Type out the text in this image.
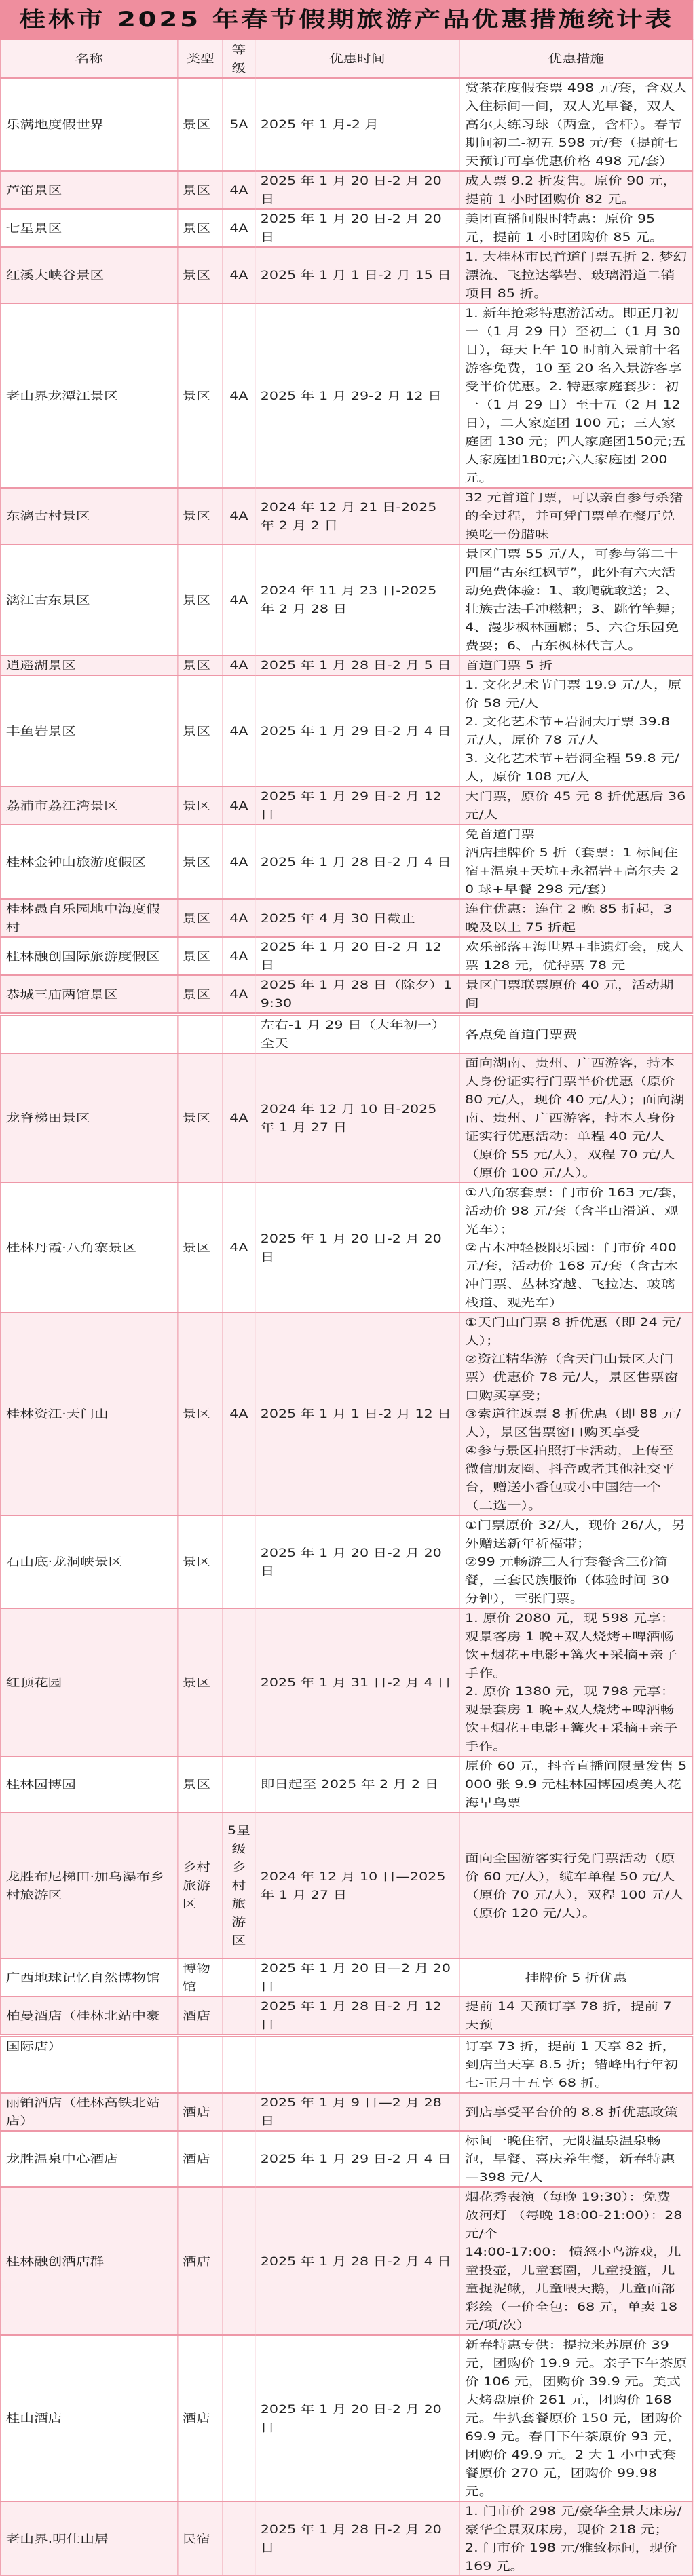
桂林市 2025 年春节假期旅游产品优惠措施统计表				
名称	类型	等级	优惠时间	优惠措施
乐满地度假世界	景区	5A	2025 年 1 月-2 月	赏茶花度假套票 498 元/套，含双人入住标间一间，双人光早餐，双人高尔夫练习球（两盒，含杆）。春节期间初二-初五 598 元/套（提前七天预订可享优惠价格 498 元/套）
芦笛景区	景区	4A	2025 年 1 月 20 日-2 月 20 日	成人票 9.2 折发售。原价 90 元，提前 1 小时团购价 82 元。
七星景区	景区	4A	2025 年 1 月 20 日-2 月 20 日	美团直播间限时特惠：原价 95 元，提前 1 小时团购价 85 元。
红溪大峡谷景区	景区	4A	2025 年 1 月 1 日-2 月 15 日	1. 大桂林市民首道门票五折 2. 梦幻漂流、飞拉达攀岩、玻璃滑道二销项目 85 折。
老山界龙潭江景区	景区	4A	2025 年 1 月 29-2 月 12 日	1. 新年抢彩特惠游活动。即正月初一（1 月 29 日）至初二（1 月 30 日），每天上午 10 时前入景前十名游客免费，10 至 20 名入景游客享受半价优惠。2. 特惠家庭套步：初一（1 月 29 日）至十五（2 月 12 日），二人家庭团 100 元；三人家庭团 130 元；四人家庭团150元;五人家庭团180元;六人家庭团 200 元。
东漓古村景区	景区	4A	2024 年 12 月 21 日-2025 年 2 月 2 日	32 元首道门票，可以亲自参与杀猪的全过程，并可凭门票单在餐厅兑换吃一份腊味
漓江古东景区	景区	4A	2024 年 11 月 23 日-2025 年 2 月 28 日	景区门票 55 元/人，可参与第二十四届“古东红枫节”，此外有六大活动免费体验：1、敢爬就敢送；2、壮族古法手冲糍粑；3、跳竹竿舞；4、漫步枫林画廊；5、六合乐园免费耍；6、古东枫林代言人。
逍遥湖景区	景区	4A	2025 年 1 月 28 日-2 月 5 日	首道门票 5 折
丰鱼岩景区	景区	4A	2025 年 1 月 29 日-2 月 4 日	1. 文化艺术节门票 19.9 元/人，原价 58 元/人
2. 文化艺术节+岩洞大厅票 39.8 元/人，原价 78 元/人
3. 文化艺术节+岩洞全程 59.8 元/人，原价 108 元/人
荔浦市荔江湾景区	景区	4A	2025 年 1 月 29 日-2 月 12 日	大门票，原价 45 元 8 折优惠后 36 元/人
桂林金钟山旅游度假区	景区	4A	2025 年 1 月 28 日-2 月 4 日	免首道门票
酒店挂牌价 5 折（套票：1 标间住宿+温泉+天坑+永福岩+高尔夫 20 球+早餐 298 元/套）
桂林愚自乐园地中海度假村	景区	4A	2025 年 4 月 30 日截止	连住优惠：连住 2 晚 85 折起，3 晚及以上 75 折起
桂林融创国际旅游度假区	景区	4A	2025 年 1 月 20 日-2 月 12 日	欢乐部落+海世界+非遗灯会，成人票 128 元，优待票 78 元
恭城三庙两馆景区	景区	4A	2025 年 1 月 28 日（除夕）19:30	景区门票联票原价 40 元，活动期间
			左右-1 月 29 日（大年初一）全天	各点免首道门票费
龙脊梯田景区	景区	4A	2024 年 12 月 10 日-2025 年 1 月 27 日	面向湖南、贵州、广西游客，持本人身份证实行门票半价优惠（原价 80 元/人，现价 40 元/人）；面向湖南、贵州、广西游客，持本人身份证实行优惠活动：单程 40 元/人（原价 55 元/人），双程 70 元/人（原价 100 元/人）。
桂林丹霞·八角寨景区	景区	4A	2025 年 1 月 20 日-2 月 20 日	①八角寨套票：门市价 163 元/套，活动价 98 元/套（含半山滑道、观光车）；
②古木冲轻极限乐园：门市价 400 元/套，活动价 168 元/套（含古木冲门票、丛林穿越、飞拉达、玻璃栈道、观光车）
桂林资江·天门山	景区	4A	2025 年 1 月 1 日-2 月 12 日	①天门山门票 8 折优惠（即 24 元/人）；
②资江精华游（含天门山景区大门票）优惠价 78 元/人，景区售票窗口购买享受；
③索道往返票 8 折优惠（即 88 元/人），景区售票窗口购买享受
④参与景区拍照打卡活动，上传至微信朋友圈、抖音或者其他社交平台，赠送小香包或小中国结一个（二选一）。
石山底·龙洞峡景区	景区		2025 年 1 月 20 日-2 月 20 日	①门票原价 32/人，现价 26/人，另外赠送新年祈福带；
②99 元畅游三人行套餐含三份简餐，三套民族服饰（体验时间 30 分钟），三张门票。
红顶花园	景区		2025 年 1 月 31 日-2 月 4 日	1. 原价 2080 元，现 598 元享：观景客房 1 晚+双人烧烤+啤酒畅饮+烟花+电影+篝火+采摘+亲子手作。
2. 原价 1380 元，现 798 元享：观景套房 1 晚+双人烧烤+啤酒畅饮+烟花+电影+篝火+采摘+亲子手作。
桂林园博园	景区		即日起至 2025 年 2 月 2 日	原价 60 元，抖音直播间限量发售 5000 张 9.9 元桂林园博园虞美人花海早鸟票
龙胜布尼梯田·加乌瀑布乡村旅游区	乡村旅游区	5星级乡村旅游区	2024 年 12 月 10 日—2025 年 1 月 27 日	面向全国游客实行免门票活动（原价 60 元/人），缆车单程 50 元/人（原价 70 元/人），双程 100 元/人（原价 120 元/人）。
广西地球记忆自然博物馆	博物馆		2025 年 1 月 20 日—2 月 20 日	挂牌价 5 折优惠
柏曼酒店（桂林北站中豪	酒店		2025 年 1 月 28 日-2 月 12 日	提前 14 天预订享 78 折，提前 7 天预
国际店）				订享 73 折，提前 1 天享 82 折，到店当天享 8.5 折；错峰出行年初七-正月十五享 68 折。
丽铂酒店（桂林高铁北站店）	酒店		2025 年 1 月 9 日—2 月 28 日	到店享受平台价的 8.8 折优惠政策
龙胜温泉中心酒店	酒店		2025 年 1 月 29 日-2 月 4 日	标间一晚住宿，无限温泉温泉畅泡，早餐、喜庆养生餐，新春特惠—398 元/人
桂林融创酒店群	酒店		2025 年 1 月 28 日-2 月 4 日	烟花秀表演（每晚 19:30）：免费
放河灯 （每晚 18:00-21:00）：28 元/个
14:00-17:00： 愤怒小鸟游戏，儿童投壶，儿童套圈，儿童投篮，儿童捉泥鳅，儿童喂天鹅，儿童面部彩绘（一价全包：68 元，单卖 18 元/项/次）
桂山酒店	酒店		2025 年 1 月 20 日-2 月 20 日	新春特惠专供：提拉米苏原价 39 元，团购价 19.9 元。亲子下午茶原价 106 元，团购价 39.9 元。美式大烤盘原价 261 元，团购价 168 元。牛扒套餐原价 150 元，团购价 69.9 元。春日下午茶原价 93 元，团购价 49.9 元。2 大 1 小中式套餐原价 270 元，团购价 99.98 元。
老山界.明仕山居	民宿		2025 年 1 月 28 日-2 月 20 日	1. 门市价 298 元/豪华全景大床房/豪华全景双床房，现价 218 元；
2. 门市价 198 元/雅致标间，现价 169 元。
